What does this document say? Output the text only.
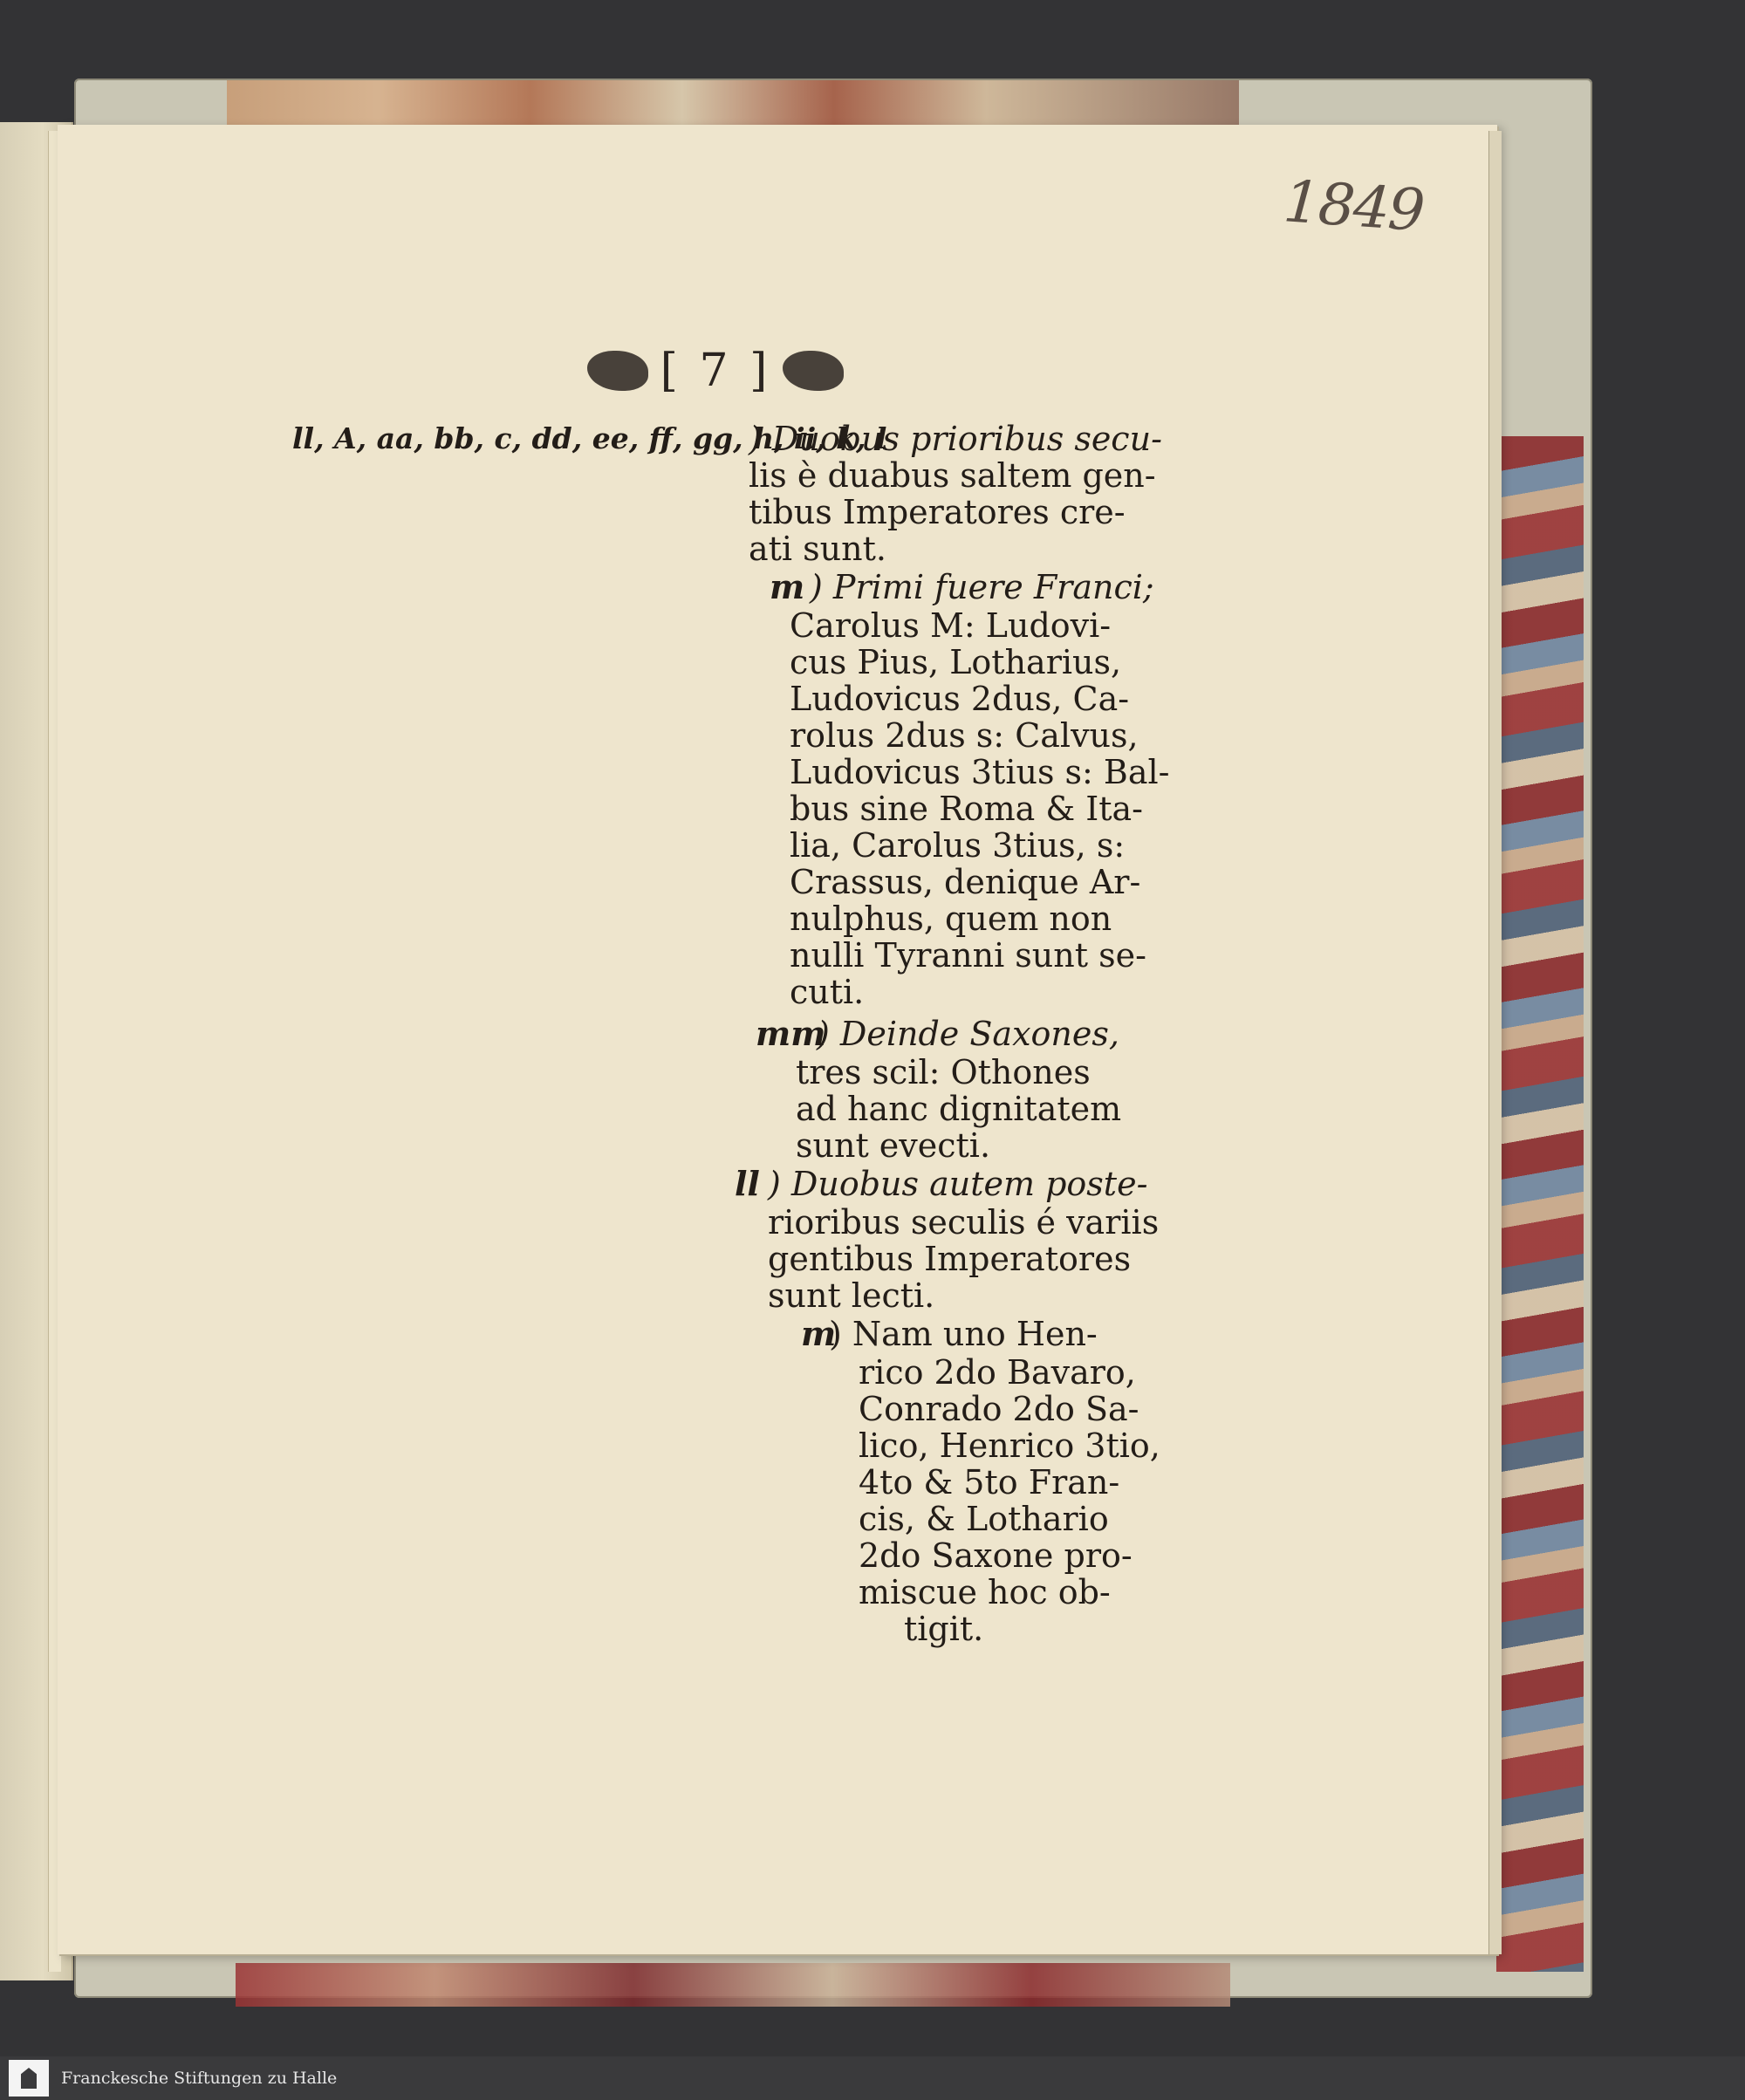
1849
[ 7 ]
ll, A, aa, bb, c, dd, ee, ff, gg, h, ii, k, l
) Duobus prioribus secu-
lis è duabus saltem gen-
tibus Imperatores cre-
ati sunt.
m ) Primi fuere Franci;
Carolus M: Ludovi-
cus Pius, Lotharius,
Ludovicus 2dus, Ca-
rolus 2dus s: Calvus,
Ludovicus 3tius s: Bal-
bus sine Roma & Ita-
lia, Carolus 3tius, s:
Crassus, denique Ar-
nulphus, quem non
nulli Tyranni sunt se-
cuti.
mm
) Deinde Saxones,
tres scil: Othones
ad hanc dignitatem
sunt evecti.
ll ) Duobus autem poste-
rioribus seculis é variis
gentibus Imperatores
sunt lecti.
m
) Nam uno Hen-
rico 2do Bavaro,
Conrado 2do Sa-
lico, Henrico 3tio,
4to & 5to Fran-
cis, & Lothario
2do Saxone pro-
miscue hoc ob-
tigit.
Franckesche Stiftungen zu Halle
